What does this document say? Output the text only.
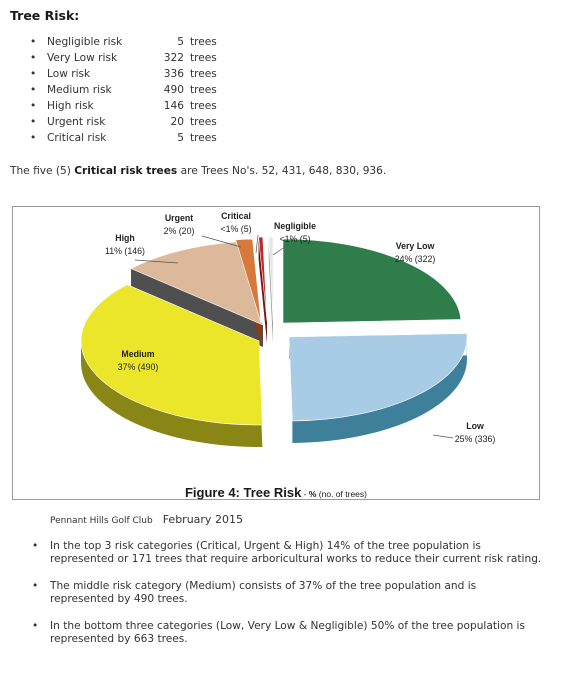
Tree Risk:
•	Negligible risk	5 trees
•	Very Low risk	322 trees
•	Low risk	336 trees
•	Medium risk	490 trees
•	High risk	146 trees
•	Urgent risk	20 trees
•	Critical risk	5 trees
The five (5) Critical risk trees are Trees No's. 52, 431, 648, 830, 936.
Very Low
24% (322)
Low
25% (336)
Medium
37% (490)
High
11% (146)
Urgent
2% (20)
Critical
<1% (5)	Negligible
<1% (5)
Figure 4: Tree Risk - % (no. of trees)
Pennant Hills Golf Club February 2015
• In the top 3 risk categories (Critical, Urgent & High) 14% of the tree population is represented or 171 trees that require arboricultural works to reduce their current risk rating.
• The middle risk category (Medium) consists of 37% of the tree population and is represented by 490 trees.
• In the bottom three categories (Low, Very Low & Negligible) 50% of the tree population is represented by 663 trees.
